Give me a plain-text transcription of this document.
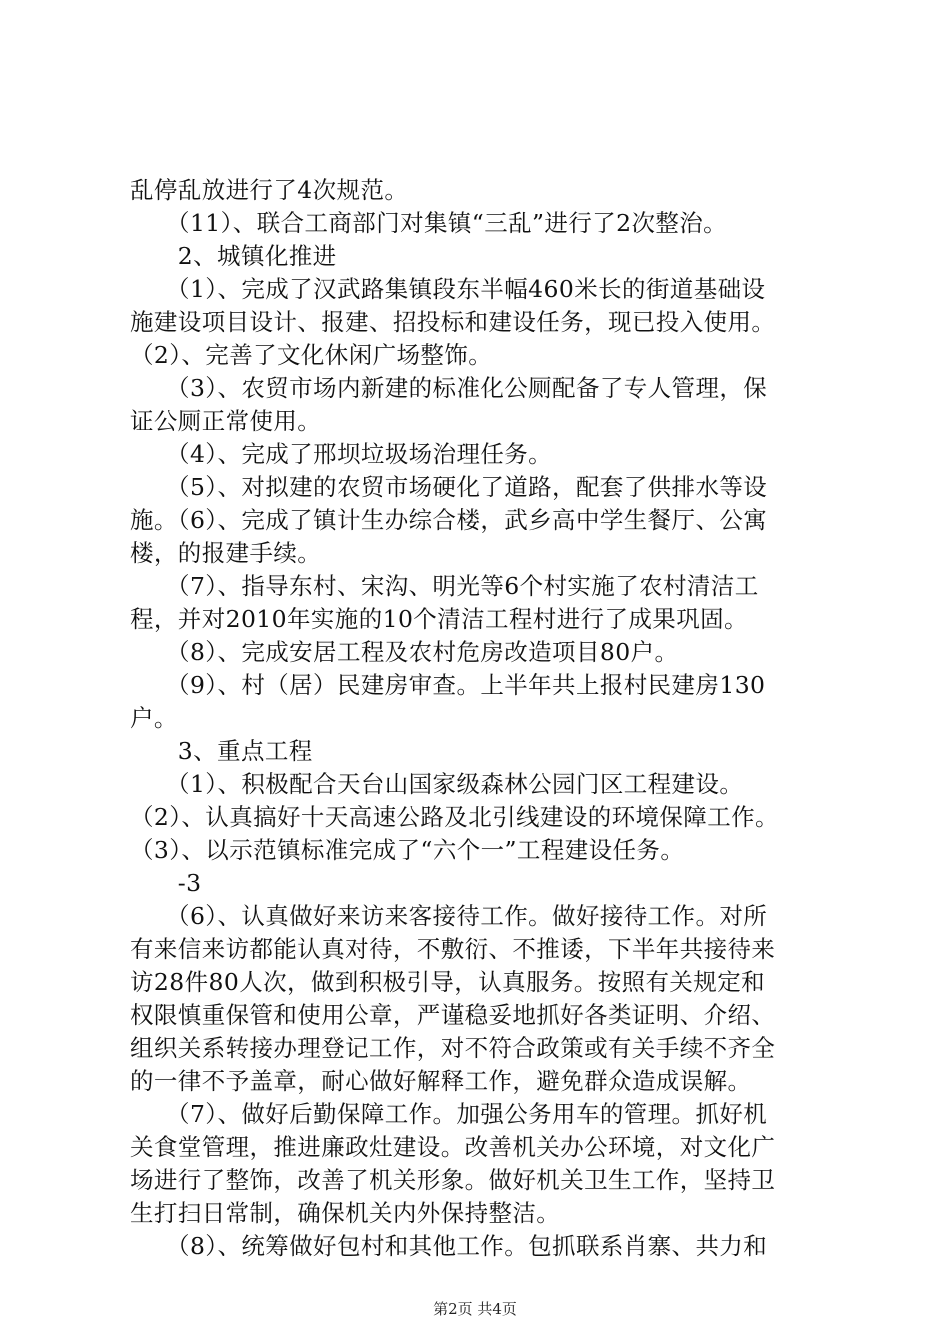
乱停乱放进行了4次规范。
　　（11）、联合工商部门对集镇“三乱”进行了2次整治。
　　2、城镇化推进
　　（1）、完成了汉武路集镇段东半幅460米长的街道基础设
施建设项目设计、报建、招投标和建设任务，现已投入使用。
（2）、完善了文化休闲广场整饰。
　　（3）、农贸市场内新建的标准化公厕配备了专人管理，保
证公厕正常使用。
　　（4）、完成了邢坝垃圾场治理任务。
　　（5）、对拟建的农贸市场硬化了道路，配套了供排水等设
施。（6）、完成了镇计生办综合楼，武乡高中学生餐厅、公寓
楼，的报建手续。
　　（7）、指导东村、宋沟、明光等6个村实施了农村清洁工
程，并对2010年实施的10个清洁工程村进行了成果巩固。
　　（8）、完成安居工程及农村危房改造项目80户。
　　（9）、村（居）民建房审查。上半年共上报村民建房130
户。
　　3、重点工程
　　（1）、积极配合天台山国家级森林公园门区工程建设。
（2）、认真搞好十天高速公路及北引线建设的环境保障工作。
（3）、以示范镇标准完成了“六个一”工程建设任务。
　　-3
　　（6）、认真做好来访来客接待工作。做好接待工作。对所
有来信来访都能认真对待，不敷衍、不推诿，下半年共接待来
访28件80人次，做到积极引导，认真服务。按照有关规定和
权限慎重保管和使用公章，严谨稳妥地抓好各类证明、介绍、
组织关系转接办理登记工作，对不符合政策或有关手续不齐全
的一律不予盖章，耐心做好解释工作，避免群众造成误解。
　　（7）、做好后勤保障工作。加强公务用车的管理。抓好机
关食堂管理，推进廉政灶建设。改善机关办公环境，对文化广
场进行了整饰，改善了机关形象。做好机关卫生工作，坚持卫
生打扫日常制，确保机关内外保持整洁。
　　（8）、统筹做好包村和其他工作。包抓联系肖寨、共力和
第2页 共4页
